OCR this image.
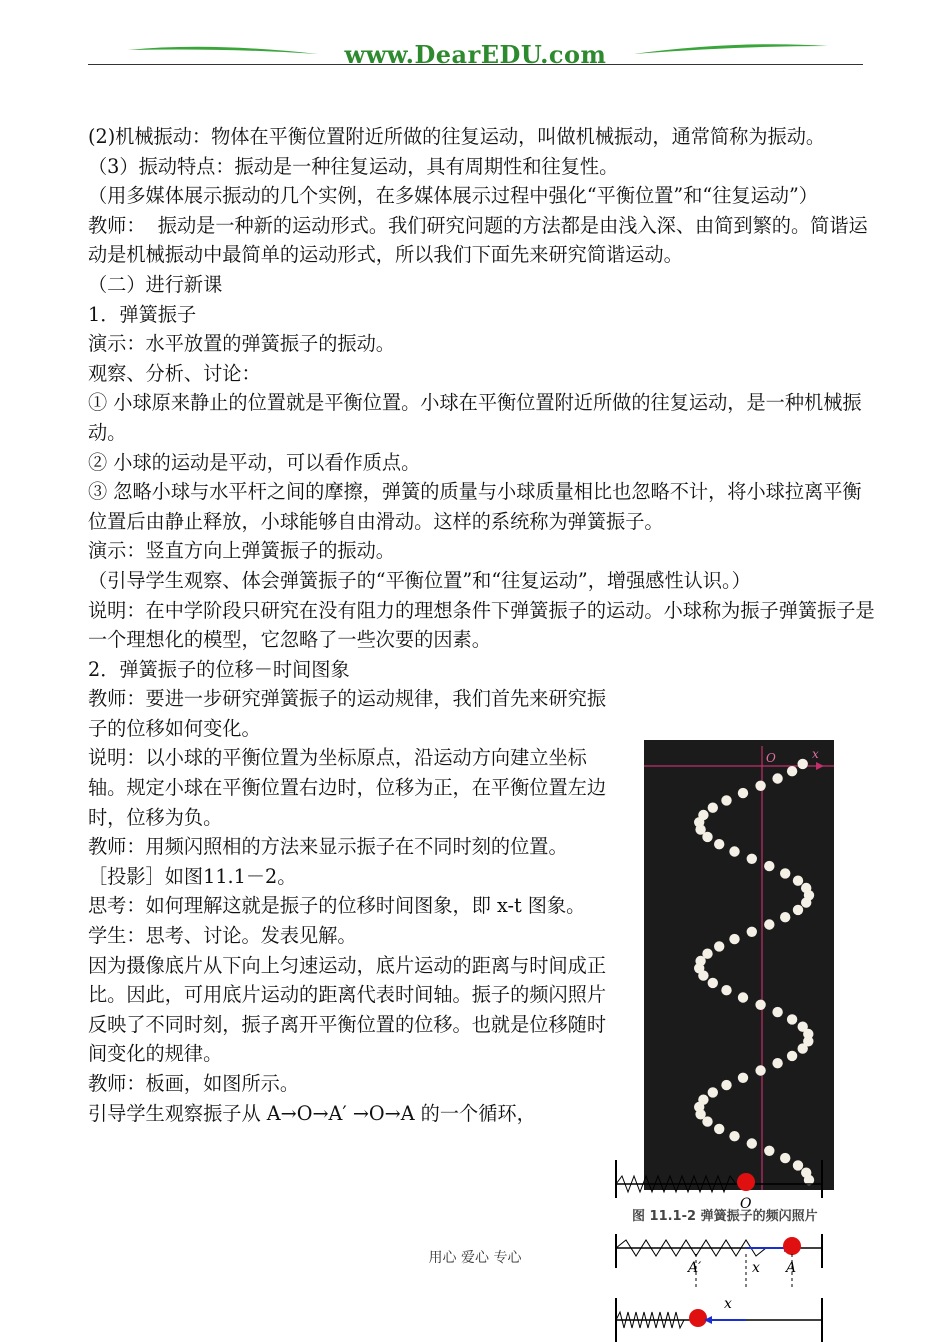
www.DearEDU.com

(2)机械振动：物体在平衡位置附近所做的往复运动，叫做机械振动，通常简称为振动。

（3）振动特点：振动是一种往复运动，具有周期性和往复性。

（用多媒体展示振动的几个实例，在多媒体展示过程中强化“平衡位置”和“往复运动”）

教师：  振动是一种新的运动形式。我们研究问题的方法都是由浅入深、由简到繁的。简谐运动是机械振动中最简单的运动形式，所以我们下面先来研究简谐运动。

（二）进行新课

1．弹簧振子

演示：水平放置的弹簧振子的振动。

观察、分析、讨论：

① 小球原来静止的位置就是平衡位置。小球在平衡位置附近所做的往复运动，是一种机械振动。

② 小球的运动是平动，可以看作质点。

③ 忽略小球与水平杆之间的摩擦，弹簧的质量与小球质量相比也忽略不计，将小球拉离平衡位置后由静止释放，小球能够自由滑动。这样的系统称为弹簧振子。

演示：竖直方向上弹簧振子的振动。

（引导学生观察、体会弹簧振子的“平衡位置”和“往复运动”，增强感性认识。）

说明：在中学阶段只研究在没有阻力的理想条件下弹簧振子的运动。小球称为振子弹簧振子是一个理想化的模型，它忽略了一些次要的因素。

2．弹簧振子的位移－时间图象

教师：要进一步研究弹簧振子的运动规律，我们首先来研究振子的位移如何变化。

说明：以小球的平衡位置为坐标原点，沿运动方向建立坐标轴。规定小球在平衡位置右边时，位移为正，在平衡位置左边时，位移为负。

教师：用频闪照相的方法来显示振子在不同时刻的位置。

［投影］如图11.1－2。

思考：如何理解这就是振子的位移时间图象，即 x-t 图象。

学生：思考、讨论。发表见解。

因为摄像底片从下向上匀速运动，底片运动的距离与时间成正比。因此，可用底片运动的距离代表时间轴。振子的频闪照片反映了不同时刻，振子离开平衡位置的位移。也就是位移随时间变化的规律。

教师：板画，如图所示。

引导学生观察振子从 A→O→A′ →O→A 的一个循环，

O	x
图 11.1-2 弹簧振子的频闪照片
O
A′	x A
x
用心 爱心 专心
